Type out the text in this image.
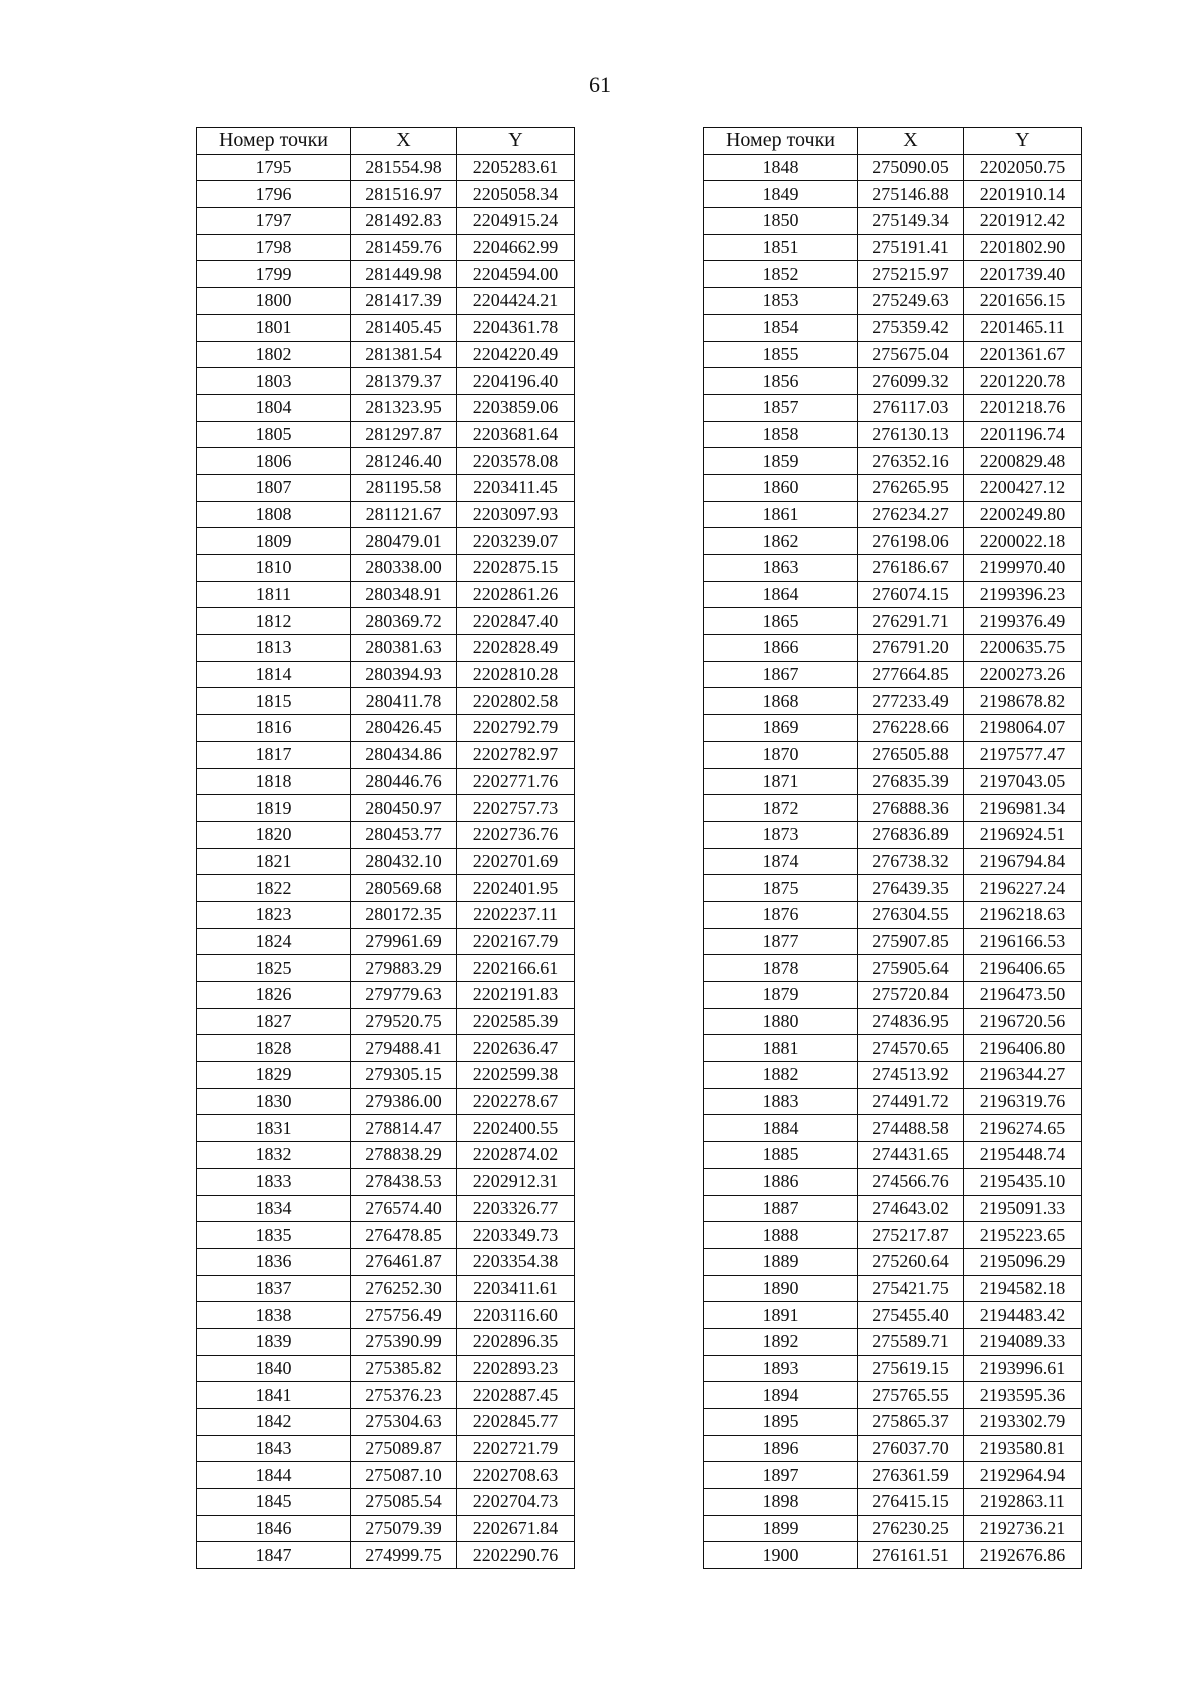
61
Номер точки	X	Y
1795	281554.98	2205283.61
1796	281516.97	2205058.34
1797	281492.83	2204915.24
1798	281459.76	2204662.99
1799	281449.98	2204594.00
1800	281417.39	2204424.21
1801	281405.45	2204361.78
1802	281381.54	2204220.49
1803	281379.37	2204196.40
1804	281323.95	2203859.06
1805	281297.87	2203681.64
1806	281246.40	2203578.08
1807	281195.58	2203411.45
1808	281121.67	2203097.93
1809	280479.01	2203239.07
1810	280338.00	2202875.15
1811	280348.91	2202861.26
1812	280369.72	2202847.40
1813	280381.63	2202828.49
1814	280394.93	2202810.28
1815	280411.78	2202802.58
1816	280426.45	2202792.79
1817	280434.86	2202782.97
1818	280446.76	2202771.76
1819	280450.97	2202757.73
1820	280453.77	2202736.76
1821	280432.10	2202701.69
1822	280569.68	2202401.95
1823	280172.35	2202237.11
1824	279961.69	2202167.79
1825	279883.29	2202166.61
1826	279779.63	2202191.83
1827	279520.75	2202585.39
1828	279488.41	2202636.47
1829	279305.15	2202599.38
1830	279386.00	2202278.67
1831	278814.47	2202400.55
1832	278838.29	2202874.02
1833	278438.53	2202912.31
1834	276574.40	2203326.77
1835	276478.85	2203349.73
1836	276461.87	2203354.38
1837	276252.30	2203411.61
1838	275756.49	2203116.60
1839	275390.99	2202896.35
1840	275385.82	2202893.23
1841	275376.23	2202887.45
1842	275304.63	2202845.77
1843	275089.87	2202721.79
1844	275087.10	2202708.63
1845	275085.54	2202704.73
1846	275079.39	2202671.84
1847	274999.75	2202290.76
Номер точки	X	Y
1848	275090.05	2202050.75
1849	275146.88	2201910.14
1850	275149.34	2201912.42
1851	275191.41	2201802.90
1852	275215.97	2201739.40
1853	275249.63	2201656.15
1854	275359.42	2201465.11
1855	275675.04	2201361.67
1856	276099.32	2201220.78
1857	276117.03	2201218.76
1858	276130.13	2201196.74
1859	276352.16	2200829.48
1860	276265.95	2200427.12
1861	276234.27	2200249.80
1862	276198.06	2200022.18
1863	276186.67	2199970.40
1864	276074.15	2199396.23
1865	276291.71	2199376.49
1866	276791.20	2200635.75
1867	277664.85	2200273.26
1868	277233.49	2198678.82
1869	276228.66	2198064.07
1870	276505.88	2197577.47
1871	276835.39	2197043.05
1872	276888.36	2196981.34
1873	276836.89	2196924.51
1874	276738.32	2196794.84
1875	276439.35	2196227.24
1876	276304.55	2196218.63
1877	275907.85	2196166.53
1878	275905.64	2196406.65
1879	275720.84	2196473.50
1880	274836.95	2196720.56
1881	274570.65	2196406.80
1882	274513.92	2196344.27
1883	274491.72	2196319.76
1884	274488.58	2196274.65
1885	274431.65	2195448.74
1886	274566.76	2195435.10
1887	274643.02	2195091.33
1888	275217.87	2195223.65
1889	275260.64	2195096.29
1890	275421.75	2194582.18
1891	275455.40	2194483.42
1892	275589.71	2194089.33
1893	275619.15	2193996.61
1894	275765.55	2193595.36
1895	275865.37	2193302.79
1896	276037.70	2193580.81
1897	276361.59	2192964.94
1898	276415.15	2192863.11
1899	276230.25	2192736.21
1900	276161.51	2192676.86
